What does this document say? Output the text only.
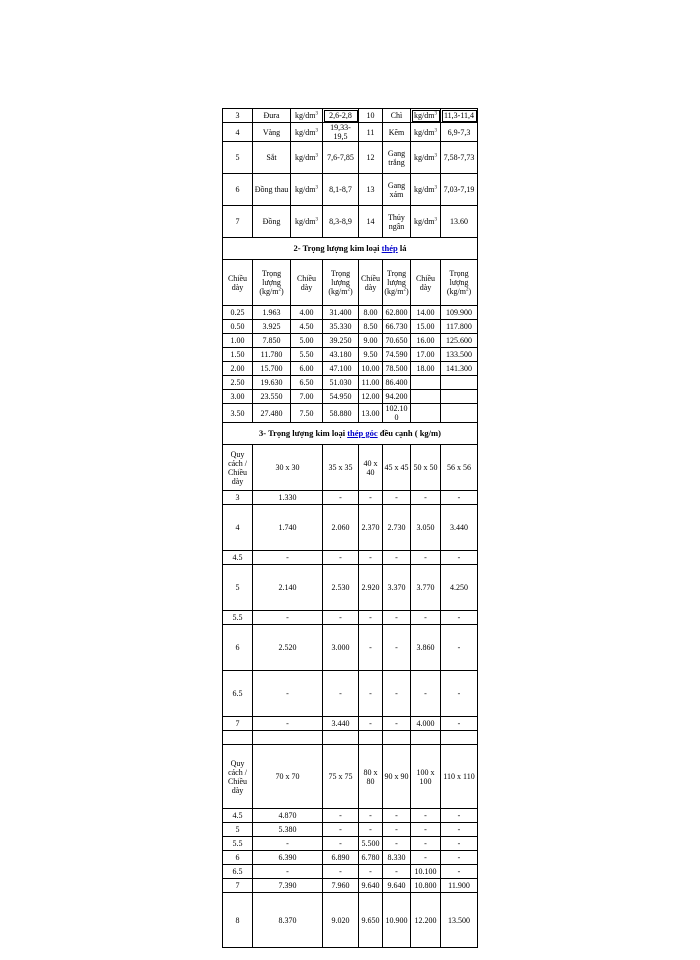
3	Đura	$kg/dm^3$	2,6-2,8	10	Chì	$kg/dm^3$	11,3-11,4	
4	Vàng	$kg/dm^3$	19,33-19,5	11	Kẽm	$kg/dm^3$	6,9-7,3	
5	Sắt	$kg/dm^3$	7,6-7,85	12	Gang trắng	$kg/dm^3$	7,58-7,73	
6	Đồng thau	$kg/dm^3$	8,1-8,7	13	Gang xám	$kg/dm^3$	7,03-7,19	
7	Đồng	$kg/dm^3$	8,3-8,9	14	Thủy ngân	$kg/dm^3$	13.60	
2- Trọng lượng kim loại thép lá								
Chiều dày	Trọng lượng $(kg/m^2)$	Chiều dày	Trọng lượng $(kg/m^2)$	Chiều dày	Trọng lượng $(kg/m^2)$	Chiều dày	Trọng lượng $(kg/m^2)$	
0.25	1.963	4.00	31.400	8.00	62.800	14.00	109.900	
0.50	3.925	4.50	35.330	8.50	66.730	15.00	117.800	
1.00	7.850	5.00	39.250	9.00	70.650	16.00	125.600	
1.50	11.780	5.50	43.180	9.50	74.590	17.00	133.500	
2.00	15.700	6.00	47.100	10.00	78.500	18.00	141.300	
2.50	19.630	6.50	51.030	11.00	86.400			
3.00	23.550	7.00	54.950	12.00	94.200			
3.50	27.480	7.50	58.880	13.00	102.100			
3- Trọng lượng kim loại thép góc đều cạnh ( kg/m)								
Quy cách / Chiều dày	30 x 30		35 x 35	40 x 40	45 x 45	50 x 50	56 x 56	
3	1.330		-	-	-	-	-	
4	1.740		2.060	2.370	2.730	3.050	3.440	
4.5	-		-	-	-	-	-	
5	2.140		2.530	2.920	3.370	3.770	4.250	
5.5	-		-	-	-	-	-	
6	2.520		3.000	-	-	3.860	-	
6.5	-		-	-	-	-	-	
7	-		3.440	-	-	4.000	-	

Quy cách / Chiều dày	70 x 70		75 x 75	80 x 80	90 x 90	100 x 100	110 x 110	
4.5	4.870		-	-	-	-	-	
5	5.380		-	-	-	-	-	
5.5	-		-	5.500	-	-	-	
6	6.390		6.890	6.780	8.330	-	-	
6.5	-		-	-	-	10.100	-	
7	7.390		7.960	9.640	9.640	10.800	11.900	
8	8.370		9.020	9.650	10.900	12.200	13.500	
